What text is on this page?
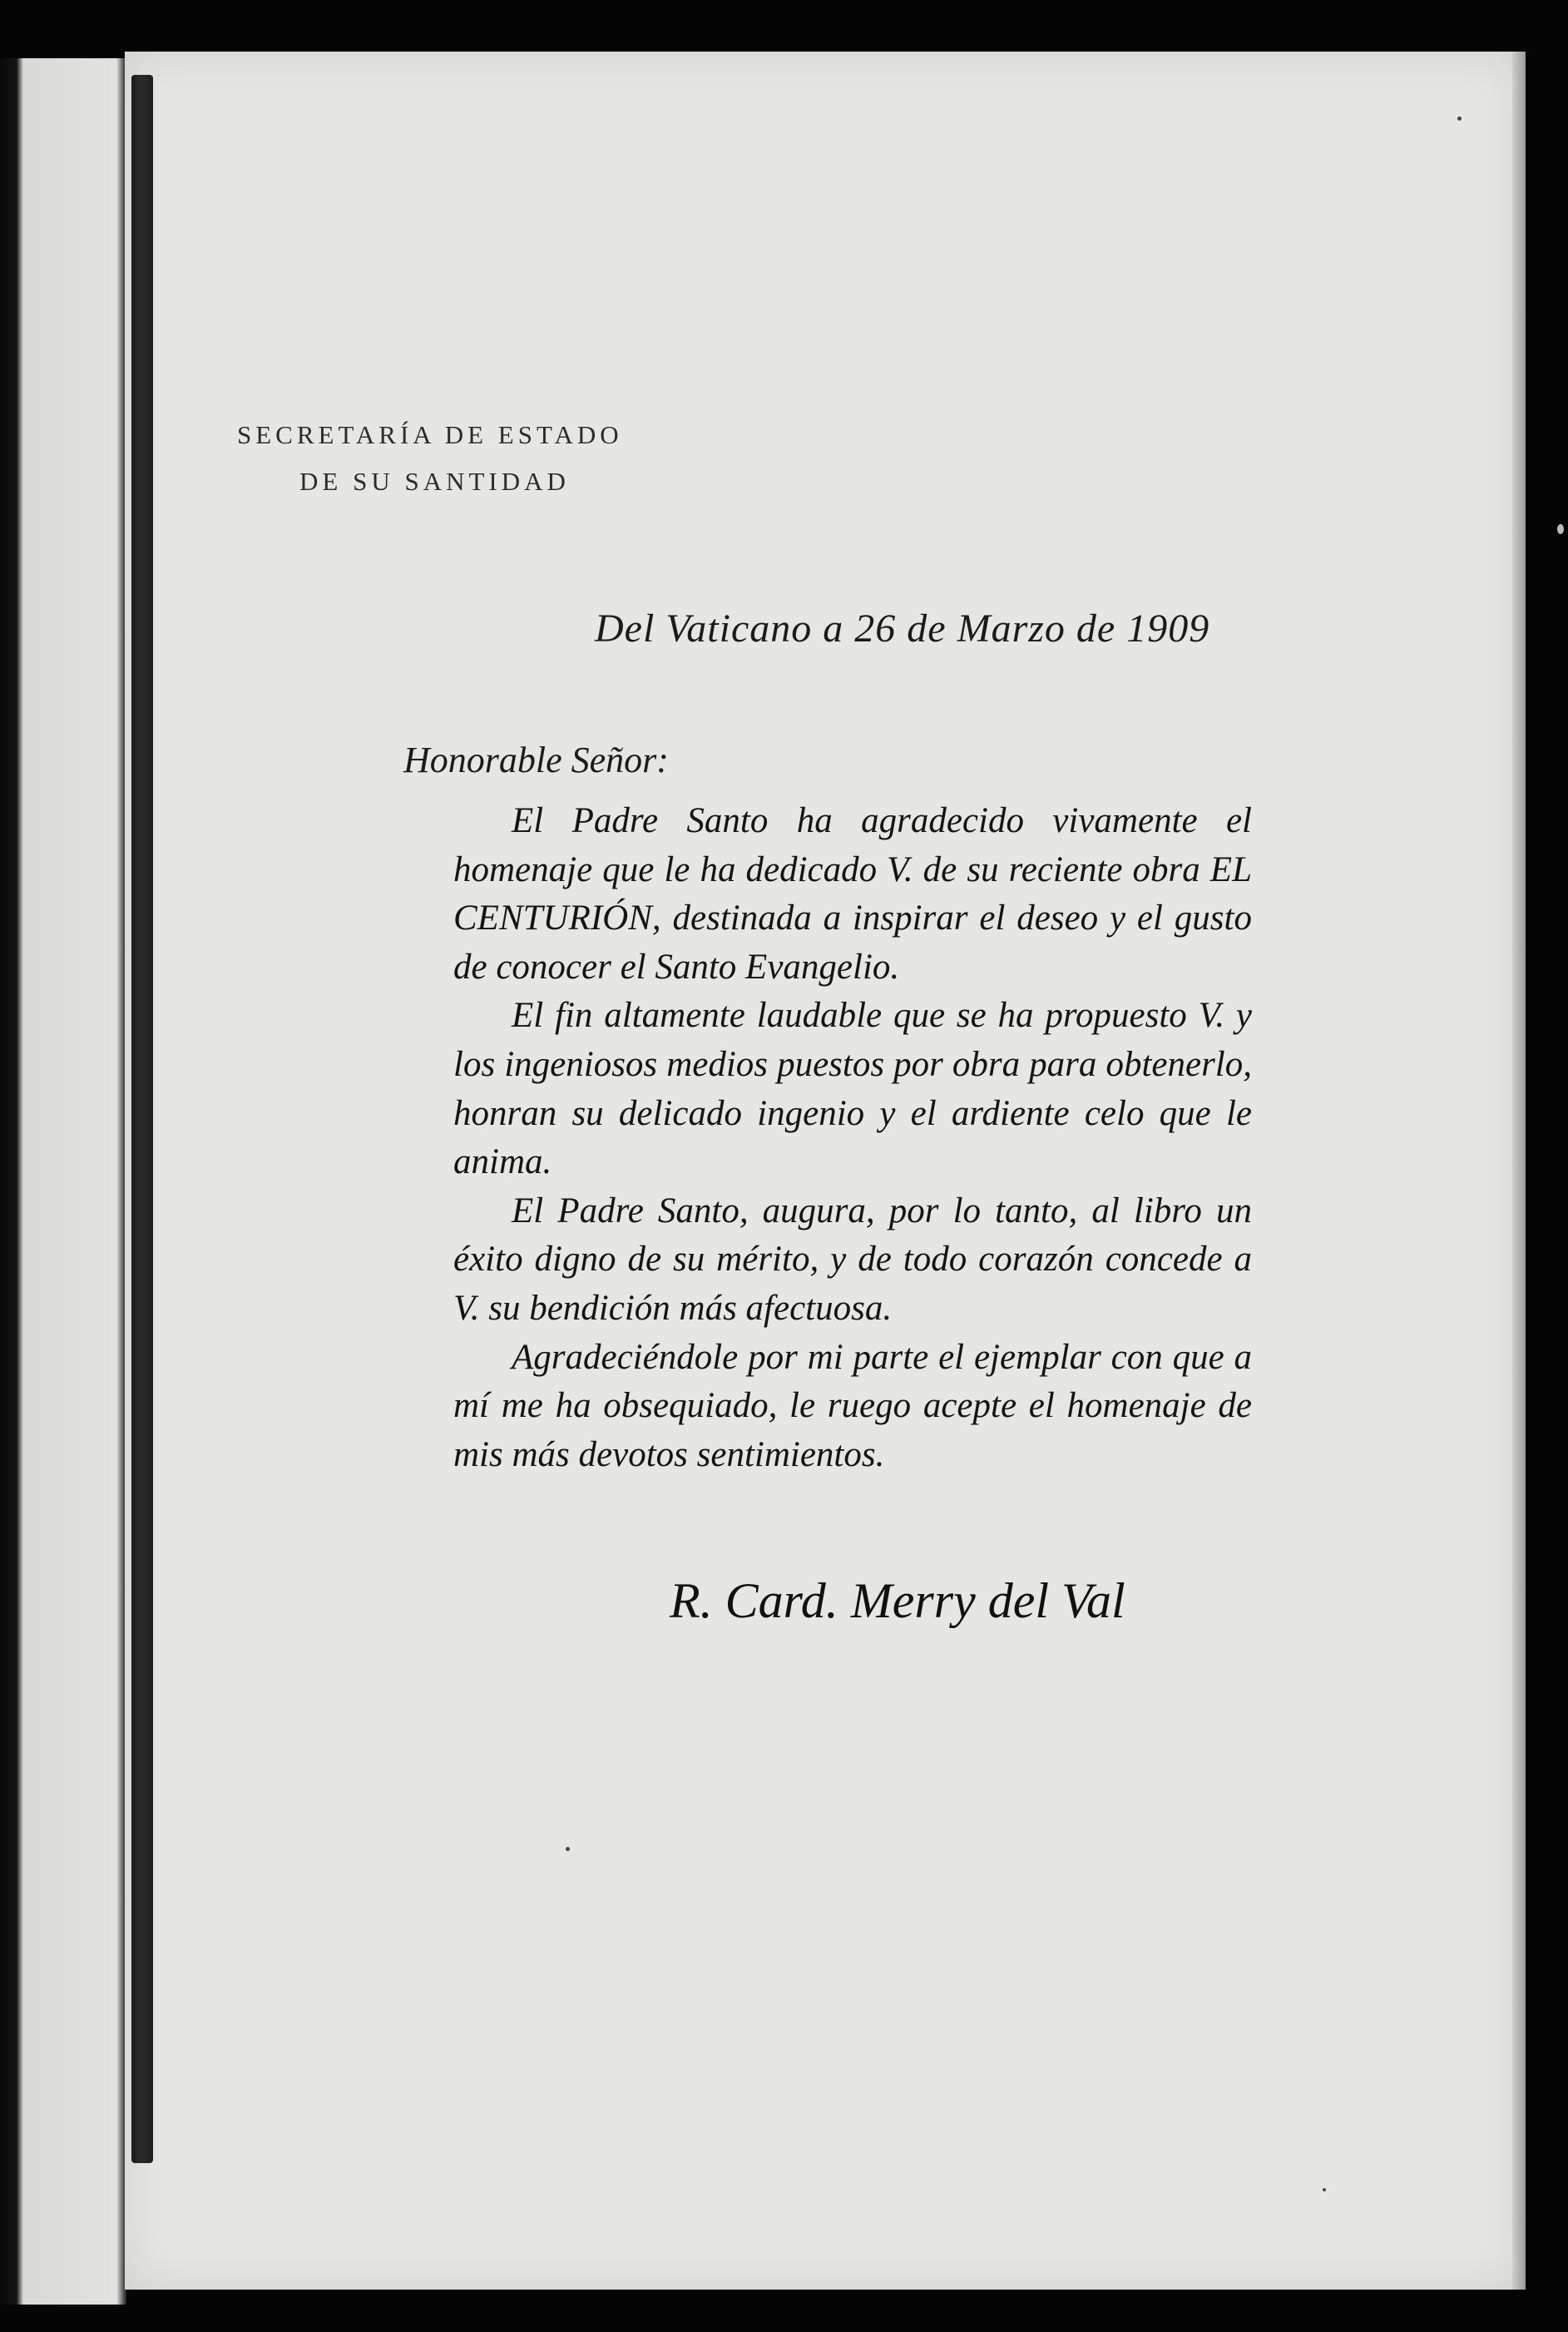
SECRETARÍA DE ESTADO
DE SU SANTIDAD
Del Vaticano a 26 de Marzo de 1909
Honorable Señor:

El Padre Santo ha agradecido vivamente el homenaje que le ha dedicado V. de su reciente obra EL CENTURIÓN, destinada a inspirar el deseo y el gusto de conocer el Santo Evangelio.

El fin altamente laudable que se ha propuesto V. y los ingeniosos medios puestos por obra para obtenerlo, honran su delicado ingenio y el ardiente celo que le anima.

El Padre Santo, augura, por lo tanto, al libro un éxito digno de su mérito, y de todo corazón concede a V. su bendición más afectuosa.

Agradeciéndole por mi parte el ejemplar con que a mí me ha obsequiado, le ruego acepte el homenaje de mis más devotos sentimientos.

R. Card. Merry del Val
